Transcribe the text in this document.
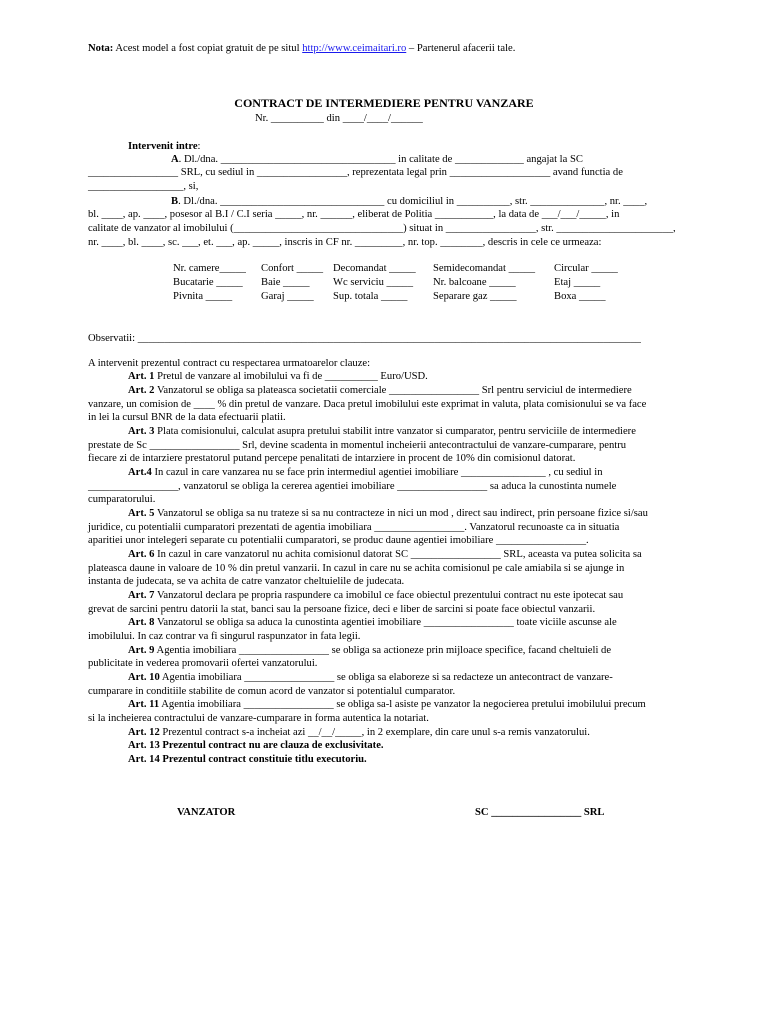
Nota: Acest model a fost copiat gratuit de pe situl http://www.ceimaitari.ro – Partenerul afacerii tale.
CONTRACT DE INTERMEDIERE PENTRU VANZARE
Nr. __________ din ____/____/______
Intervenit intre:
A. Dl./dna. _________________________________ in calitate de _____________ angajat la SC
_________________ SRL, cu sediul in _________________, reprezentata legal prin ___________________ avand functia de
__________________, si,
B. Dl./dna. _______________________________ cu domiciliul in __________, str. ______________, nr. ____,
bl. ____, ap. ____, posesor al B.I / C.I seria _____, nr. ______, eliberat de Politia ___________, la data de ___/___/_____, in
calitate de vanzator al imobilului (________________________________) situat in _________________, str. ______________________,
nr. ____, bl. ____, sc. ___, et. ___, ap. _____, inscris in CF nr. _________, nr. top. ________, descris in cele ce urmeaza:
Nr. camere_____ Confort _____ Decomandat _____ Semidecomandat _____ Circular _____
Bucatarie _____ Baie _____ Wc serviciu _____ Nr. balcoane _____	Etaj _____
Pivnita _____	Garaj _____ Sup. totala _____ Separare gaz _____	Boxa _____
Observatii: _______________________________________________________________________________________________
A intervenit prezentul contract cu respectarea urmatoarelor clauze:
Art. 1 Pretul de vanzare al imobilului va fi de __________ Euro/USD.
Art. 2 Vanzatorul se obliga sa plateasca societatii comerciale _________________ Srl pentru serviciul de intermediere
vanzare, un comision de ____ % din pretul de vanzare. Daca pretul imobilului este exprimat in valuta, plata comisionului se va face
in lei la cursul BNR de la data efectuarii platii.
Art. 3 Plata comisionului, calculat asupra pretului stabilit intre vanzator si cumparator, pentru serviciile de intermediere
prestate de Sc _________________ Srl, devine scadenta in momentul incheierii antecontractului de vanzare-cumparare, pentru
fiecare zi de intarziere prestatorul putand percepe penalitati de intarziere in procent de 10% din comisionul datorat.
Art.4 In cazul in care vanzarea nu se face prin intermediul agentiei imobiliare ________________ , cu sediul in
_________________, vanzatorul se obliga la cererea agentiei imobiliare _________________ sa aduca la cunostinta numele
cumparatorului.
Art. 5 Vanzatorul se obliga sa nu trateze si sa nu contracteze in nici un mod , direct sau indirect, prin persoane fizice si/sau
juridice, cu potentialii cumparatori prezentati de agentia imobiliara _________________. Vanzatorul recunoaste ca in situatia
aparitiei unor intelegeri separate cu potentialii cumparatori, se produc daune agentiei imobiliare _________________.
Art. 6 In cazul in care vanzatorul nu achita comisionul datorat SC _________________ SRL, aceasta va putea solicita sa
plateasca daune in valoare de 10 % din pretul vanzarii. In cazul in care nu se achita comisionul pe cale amiabila si se ajunge in
instanta de judecata, se va achita de catre vanzator cheltuielile de judecata.
Art. 7 Vanzatorul declara pe propria raspundere ca imobilul ce face obiectul prezentului contract nu este ipotecat sau
grevat de sarcini pentru datorii la stat, banci sau la persoane fizice, deci e liber de sarcini si poate face obiectul vanzarii.
Art. 8 Vanzatorul se obliga sa aduca la cunostinta agentiei imobiliare _________________ toate viciile ascunse ale
imobilului. In caz contrar va fi singurul raspunzator in fata legii.
Art. 9 Agentia imobiliara _________________ se obliga sa actioneze prin mijloace specifice, facand cheltuieli de
publicitate in vederea promovarii ofertei vanzatorului.
Art. 10 Agentia imobiliara _________________ se obliga sa elaboreze si sa redacteze un antecontract de vanzare-
cumparare in conditiile stabilite de comun acord de vanzator si potentialul cumparator.
Art. 11 Agentia imobiliara _________________ se obliga sa-l asiste pe vanzator la negocierea pretului imobilului precum
si la incheierea contractului de vanzare-cumparare in forma autentica la notariat.
Art. 12 Prezentul contract s-a incheiat azi __/__/_____, in 2 exemplare, din care unul s-a remis vanzatorului.
Art. 13 Prezentul contract nu are clauza de exclusivitate.
Art. 14 Prezentul contract constituie titlu executoriu.
VANZATOR	SC _________________ SRL
